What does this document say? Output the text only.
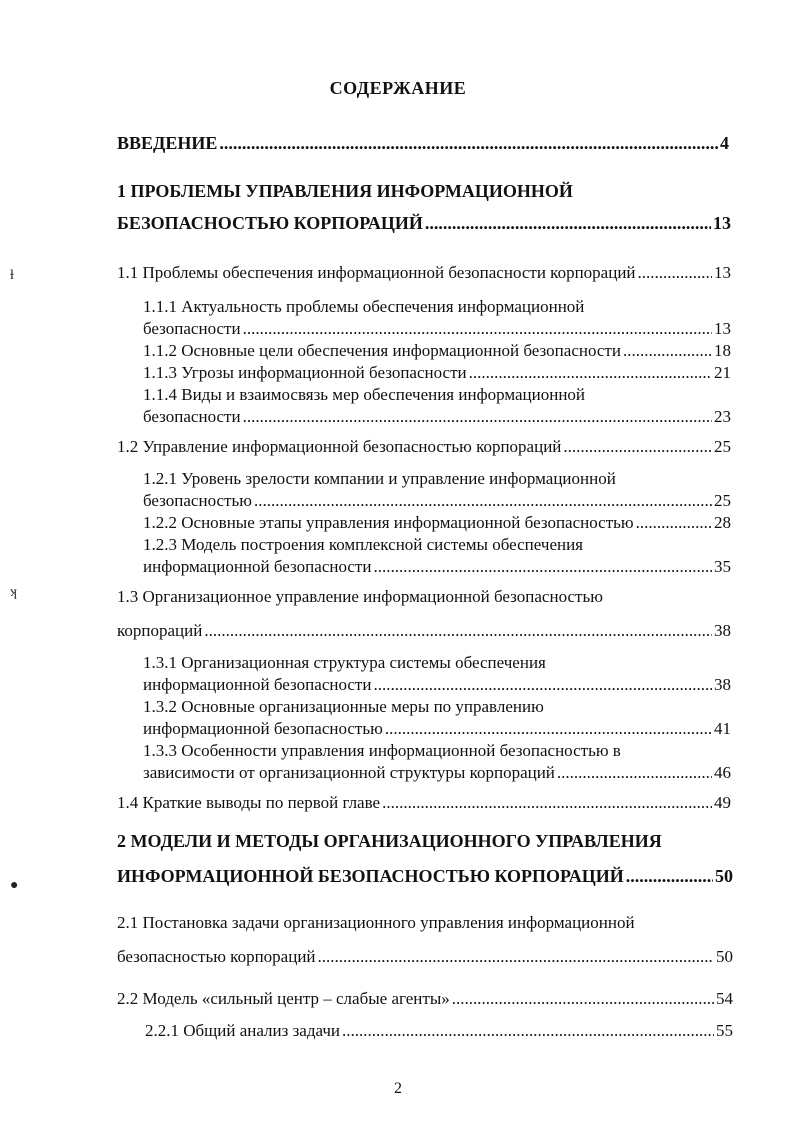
СОДЕРЖАНИЕ
ВВЕДЕНИЕ .....	4
1 ПРОБЛЕМЫ УПРАВЛЕНИЯ ИНФОРМАЦИОННОЙ
БЕЗОПАСНОСТЬЮ КОРПОРАЦИЙ .....	13
1.1 Проблемы обеспечения информационной безопасности корпораций .....	13
1.1.1 Актуальность проблемы обеспечения информационной
безопасности .....	13
1.1.2 Основные цели обеспечения информационной безопасности .....	18
1.1.3 Угрозы информационной безопасности .....	21
1.1.4 Виды и взаимосвязь мер обеспечения информационной
безопасности .....	23
1.2 Управление информационной безопасностью корпораций .....	25
1.2.1 Уровень зрелости компании и управление информационной
безопасностью .....	25
1.2.2 Основные этапы управления информационной безопасностью .....	28
1.2.3 Модель построения комплексной системы обеспечения
информационной безопасности .....	35
1.3 Организационное управление информационной безопасностью
корпораций .....	38
1.3.1 Организационная структура системы обеспечения
информационной безопасности .....	38
1.3.2 Основные организационные меры по управлению
информационной безопасностью .....	41
1.3.3 Особенности управления информационной безопасностью в
зависимости от организационной структуры корпораций .....	46
1.4 Краткие выводы по первой главе .....	49
2 МОДЕЛИ И МЕТОДЫ ОРГАНИЗАЦИОННОГО УПРАВЛЕНИЯ
ИНФОРМАЦИОННОЙ БЕЗОПАСНОСТЬЮ КОРПОРАЦИЙ .....	50
2.1 Постановка задачи организационного управления информационной
безопасностью корпораций .....	50
2.2 Модель «сильный центр – слабые агенты» .....	54
2.2.1 Общий анализ задачи .....	55
ɫ
ʞ
●
2
